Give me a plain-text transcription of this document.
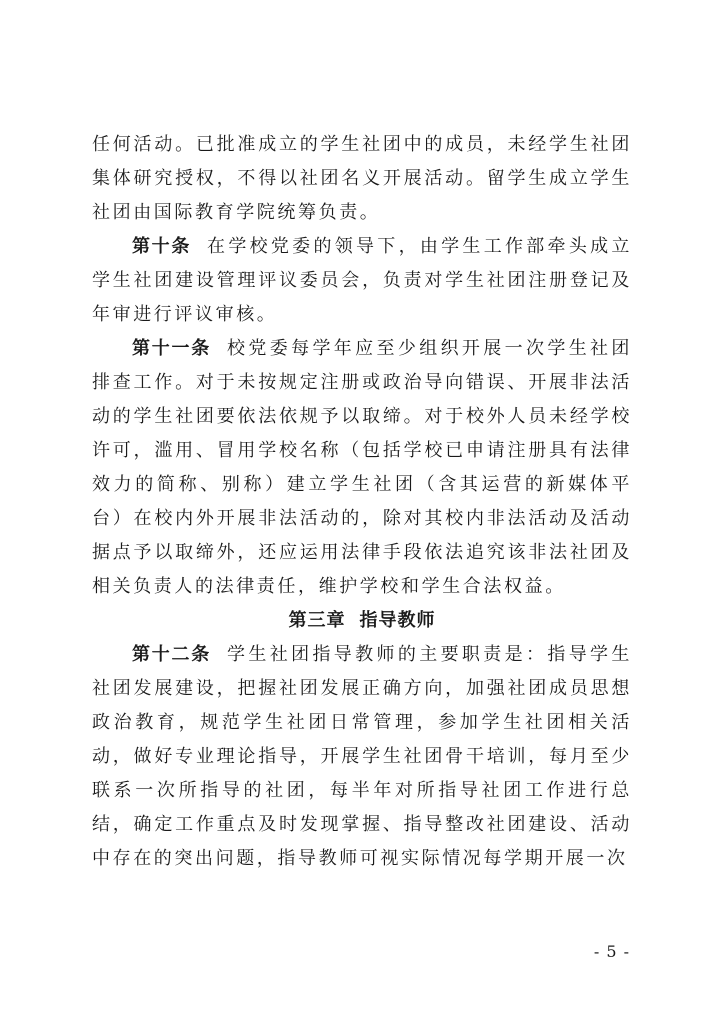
任何活动。已批准成立的学生社团中的成员，未经学生社团集体研究授权，不得以社团名义开展活动。留学生成立学生社团由国际教育学院统筹负责。

第十条 在学校党委的领导下，由学生工作部牵头成立学生社团建设管理评议委员会，负责对学生社团注册登记及年审进行评议审核。

第十一条 校党委每学年应至少组织开展一次学生社团排查工作。对于未按规定注册或政治导向错误、开展非法活动的学生社团要依法依规予以取缔。对于校外人员未经学校许可，滥用、冒用学校名称（包括学校已申请注册具有法律效力的简称、别称）建立学生社团（含其运营的新媒体平台）在校内外开展非法活动的，除对其校内非法活动及活动据点予以取缔外，还应运用法律手段依法追究该非法社团及相关负责人的法律责任，维护学校和学生合法权益。

第三章 指导教师

第十二条 学生社团指导教师的主要职责是：指导学生社团发展建设，把握社团发展正确方向，加强社团成员思想政治教育，规范学生社团日常管理，参加学生社团相关活动，做好专业理论指导，开展学生社团骨干培训，每月至少联系一次所指导的社团，每半年对所指导社团工作进行总结，确定工作重点及时发现掌握、指导整改社团建设、活动中存在的突出问题，指导教师可视实际情况每学期开展一次

- 5 -
